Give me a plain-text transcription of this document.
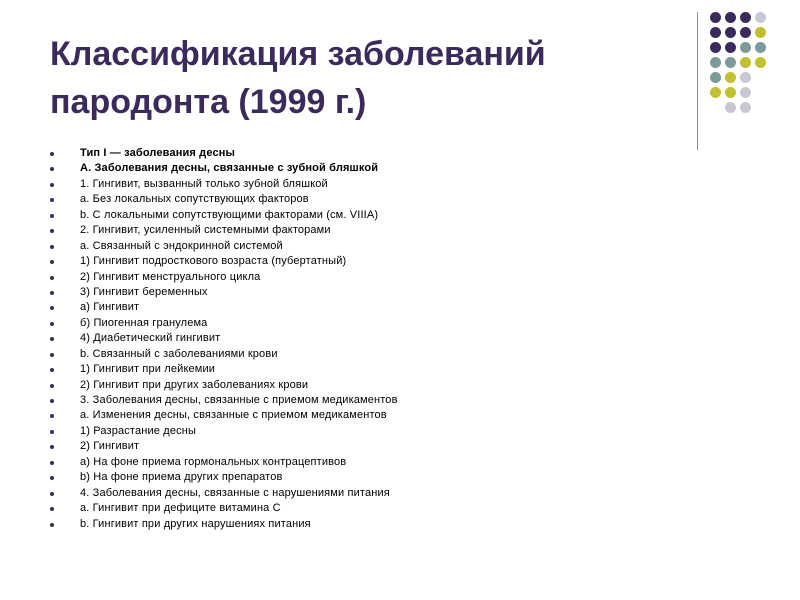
Классификация заболеваний
пародонта (1999 г.)
Тип I — заболевания десны
А. Заболевания десны, связанные с зубной бляшкой
1. Гингивит, вызванный только зубной бляшкой
a. Без локальных сопутствующих факторов
b. С локальными сопутствующими факторами (см. VIIIА)
2. Гингивит, усиленный системными факторами
a. Связанный с эндокринной системой
1) Гингивит подросткового возраста (пубертатный)
2) Гингивит менструального цикла
3) Гингивит беременных
а) Гингивит
б) Пиогенная гранулема
4) Диабетический гингивит
b. Связанный с заболеваниями крови
1) Гингивит при лейкемии
2) Гингивит при других заболеваниях крови
3. Заболевания десны, связанные с приемом медикаментов
a. Изменения десны, связанные с приемом медикаментов
1) Разрастание десны
2) Гингивит
а) На фоне приема гормональных контрацептивов
b) На фоне приема других препаратов
4. Заболевания десны, связанные с нарушениями питания
a. Гингивит при дефиците витамина С
b. Гингивит при других нарушениях питания
